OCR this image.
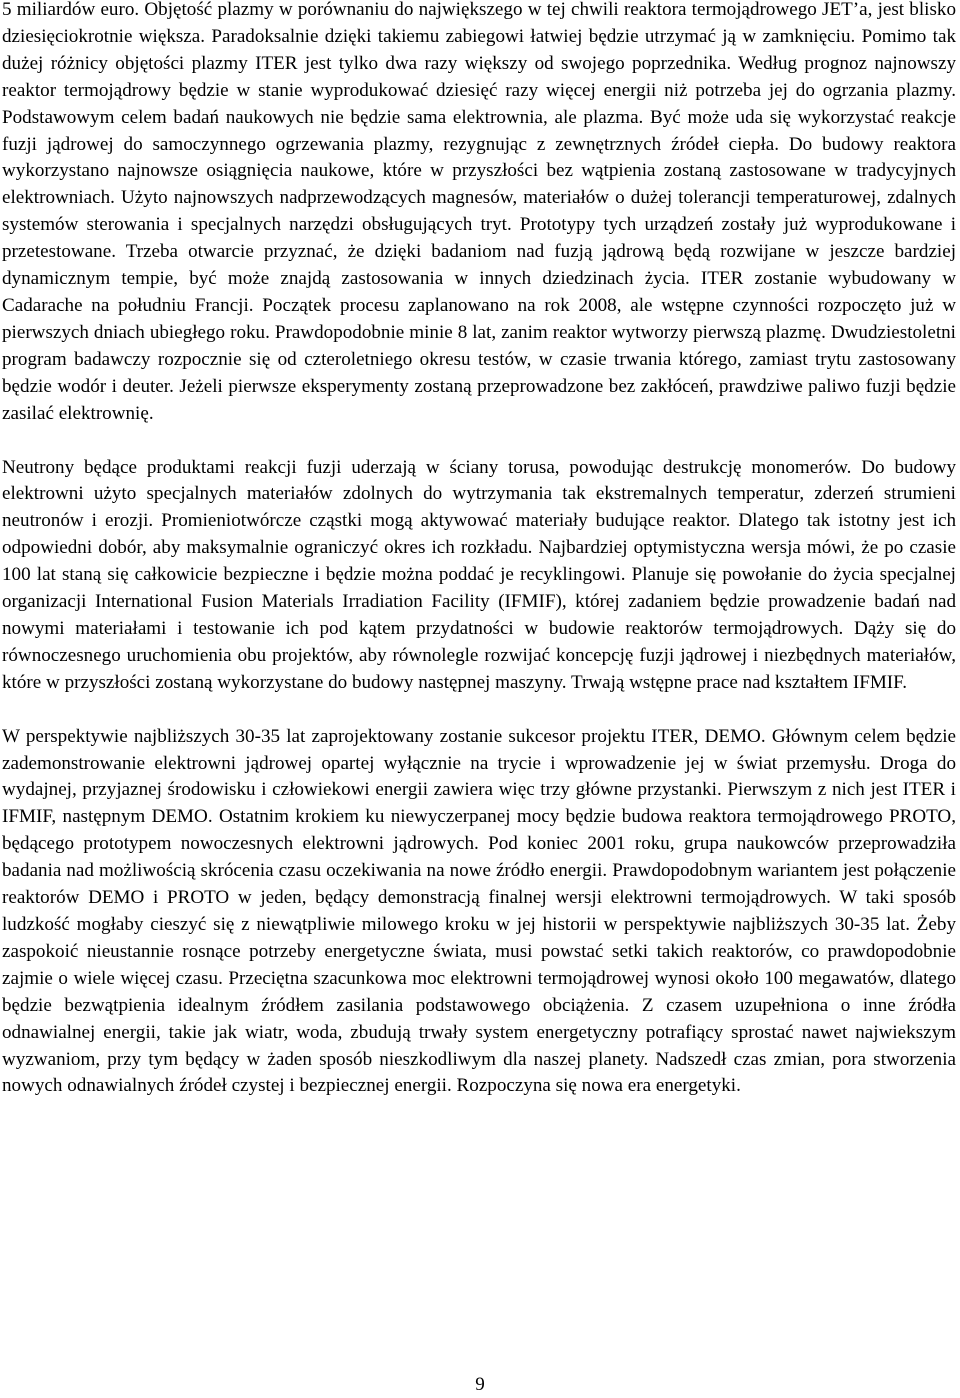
5 miliardów euro. Objętość plazmy w porównaniu do największego w tej chwili reaktora termojądrowego JET’a, jest blisko dziesięciokrotnie większa. Paradoksalnie dzięki takiemu zabiegowi łatwiej będzie utrzymać ją w zamknięciu. Pomimo tak dużej różnicy objętości plazmy ITER jest tylko dwa razy większy od swojego poprzednika. Według prognoz najnowszy reaktor termojądrowy będzie w stanie wyprodukować dziesięć razy więcej energii niż potrzeba jej do ogrzania plazmy. Podstawowym celem badań naukowych nie będzie sama elektrownia, ale plazma. Być może uda się wykorzystać reakcje fuzji jądrowej do samoczynnego ogrzewania plazmy, rezygnując z zewnętrznych źródeł ciepła. Do budowy reaktora wykorzystano najnowsze osiągnięcia naukowe, które w przyszłości bez wątpienia zostaną zastosowane w tradycyjnych elektrowniach. Użyto najnowszych nadprzewodzących magnesów, materiałów o dużej tolerancji temperaturowej, zdalnych systemów sterowania i specjalnych narzędzi obsługujących tryt. Prototypy tych urządzeń zostały już wyprodukowane i przetestowane. Trzeba otwarcie przyznać, że dzięki badaniom nad fuzją jądrową będą rozwijane w jeszcze bardziej dynamicznym tempie, być może znajdą zastosowania w innych dziedzinach życia. ITER zostanie wybudowany w Cadarache na południu Francji. Początek procesu zaplanowano na rok 2008, ale wstępne czynności rozpoczęto już w pierwszych dniach ubiegłego roku. Prawdopodobnie minie 8 lat, zanim reaktor wytworzy pierwszą plazmę. Dwudziestoletni program badawczy rozpocznie się od czteroletniego okresu testów, w czasie trwania którego, zamiast trytu zastosowany będzie wodór i deuter. Jeżeli pierwsze eksperymenty zostaną przeprowadzone bez zakłóceń, prawdziwe paliwo fuzji będzie zasilać elektrownię.

Neutrony będące produktami reakcji fuzji uderzają w ściany torusa, powodując destrukcję monomerów. Do budowy elektrowni użyto specjalnych materiałów zdolnych do wytrzymania tak ekstremalnych temperatur, zderzeń strumieni neutronów i erozji. Promieniotwórcze cząstki mogą aktywować materiały budujące reaktor. Dlatego tak istotny jest ich odpowiedni dobór, aby maksymalnie ograniczyć okres ich rozkładu. Najbardziej optymistyczna wersja mówi, że po czasie 100 lat staną się całkowicie bezpieczne i będzie można poddać je recyklingowi. Planuje się powołanie do życia specjalnej organizacji International Fusion Materials Irradiation Facility (IFMIF), której zadaniem będzie prowadzenie badań nad nowymi materiałami i testowanie ich pod kątem przydatności w budowie reaktorów termojądrowych. Dąży się do równoczesnego uruchomienia obu projektów, aby równolegle rozwijać koncepcję fuzji jądrowej i niezbędnych materiałów, które w przyszłości zostaną wykorzystane do budowy następnej maszyny. Trwają wstępne prace nad kształtem IFMIF.

W perspektywie najbliższych 30-35 lat zaprojektowany zostanie sukcesor projektu ITER, DEMO. Głównym celem będzie zademonstrowanie elektrowni jądrowej opartej wyłącznie na trycie i wprowadzenie jej w świat przemysłu. Droga do wydajnej, przyjaznej środowisku i człowiekowi energii zawiera więc trzy główne przystanki. Pierwszym z nich jest ITER i IFMIF, następnym DEMO. Ostatnim krokiem ku niewyczerpanej mocy będzie budowa reaktora termojądrowego PROTO, będącego prototypem nowoczesnych elektrowni jądrowych. Pod koniec 2001 roku, grupa naukowców przeprowadziła badania nad możliwością skrócenia czasu oczekiwania na nowe źródło energii. Prawdopodobnym wariantem jest połączenie reaktorów DEMO i PROTO w jeden, będący demonstracją finalnej wersji elektrowni termojądrowych. W taki sposób ludzkość mogłaby cieszyć się z niewątpliwie milowego kroku w jej historii w perspektywie najbliższych 30-35 lat. Żeby zaspokoić nieustannie rosnące potrzeby energetyczne świata, musi powstać setki takich reaktorów, co prawdopodobnie zajmie o wiele więcej czasu. Przeciętna szacunkowa moc elektrowni termojądrowej wynosi około 100 megawatów, dlatego będzie bezwątpienia idealnym źródłem zasilania podstawowego obciążenia. Z czasem uzupełniona o inne źródła odnawialnej energii, takie jak wiatr, woda, zbudują trwały system energetyczny potrafiący sprostać nawet najwiekszym wyzwaniom, przy tym będący w żaden sposób nieszkodliwym dla naszej planety. Nadszedł czas zmian, pora stworzenia nowych odnawialnych źródeł czystej i bezpiecznej energii. Rozpoczyna się nowa era energetyki.

9
